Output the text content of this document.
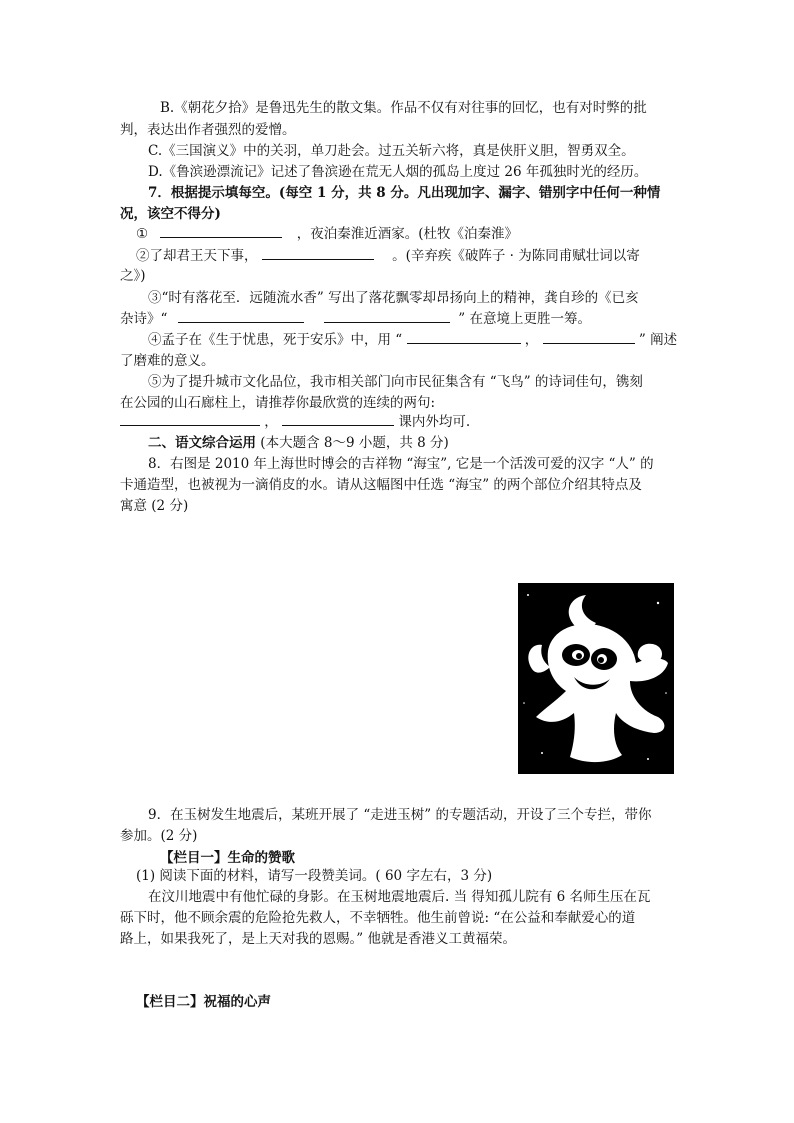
B.《朝花夕拾》是鲁迅先生的散文集。作品不仅有对往事的回忆，也有对时弊的批
判，表达出作者强烈的爱憎。
C.《三国演义》中的关羽，单刀赴会。过五关斩六将，真是侠肝义胆，智勇双全。
D.《鲁滨逊漂流记》记述了鲁滨逊在荒无人烟的孤岛上度过 26 年孤独时光的经历。
7．根据提示填每空。(每空 1 分，共 8 分。凡出现加字、漏字、错别字中任何一种情
况，该空不得分)
①	，夜泊秦淮近酒家。(杜牧《泊秦淮》
②了却君王天下事，	。(辛弃疾《破阵子 · 为陈同甫赋壮词以寄
之》)
③“时有落花至．远随流水香” 写出了落花飘零却昂扬向上的精神，龚自珍的《已亥
杂诗》“	” 在意境上更胜一筹。
④孟子在《生于忧患，死于安乐》中，用 “	，	” 阐述
了磨难的意义。
⑤为了提升城市文化品位，我市相关部门向市民征集含有 “飞鸟” 的诗词佳句，镌刻
在公园的山石廊柱上，请推荐你最欣赏的连续的两句:
，	课内外均可.
二、语文综合运用 (本大题含 8～9 小题，共 8 分)
8．右图是 2010 年上海世时博会的吉祥物 “海宝”, 它是一个活泼可爱的汉字 “人” 的
卡通造型，也被视为一滴俏皮的水。请从这幅图中任选 “海宝” 的两个部位介绍其特点及
寓意 (2 分)
9．在玉树发生地震后，某班开展了 “走进玉树” 的专题活动，开设了三个专拦，带你
参加。(2 分)
【栏目一】生命的赞歌
(1) 阅读下面的材料，请写一段赞美词。( 60 字左右，3 分)
在汶川地震中有他忙碌的身影。在玉树地震地震后. 当 得知孤儿院有 6 名师生压在瓦
砾下时，他不顾余震的危险抢先救人，不幸牺牲。他生前曾说: “在公益和奉献爱心的道
路上，如果我死了，是上天对我的恩赐。” 他就是香港义工黄福荣。
【栏目二】祝福的心声
